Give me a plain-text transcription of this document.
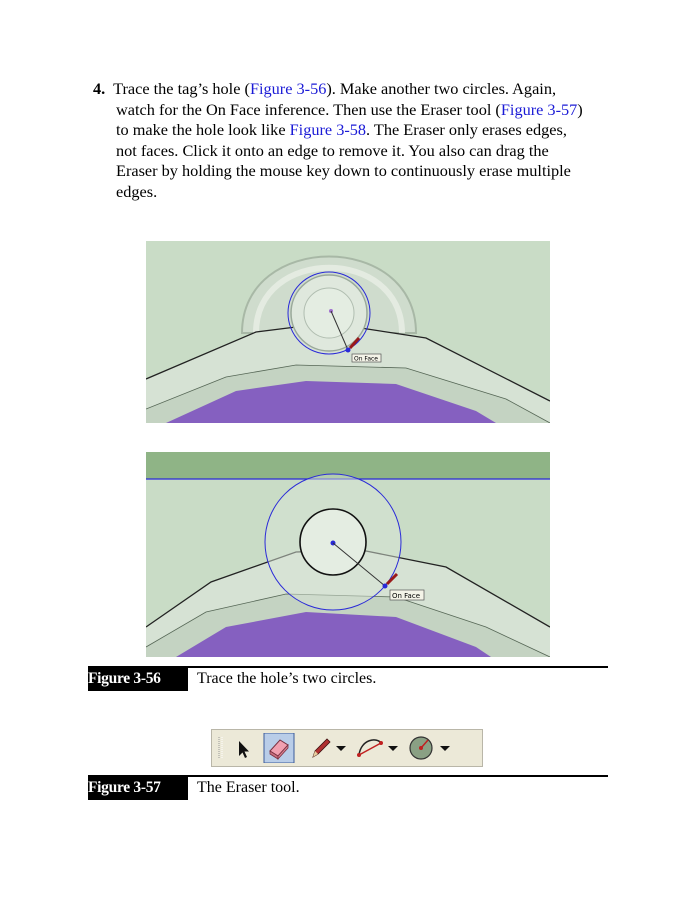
4. Trace the tag’s hole (Figure 3-56). Make another two circles. Again,
watch for the On Face inference. Then use the Eraser tool (Figure 3-57)
to make the hole look like Figure 3-58. The Eraser only erases edges,
not faces. Click it onto an edge to remove it. You also can drag the
Eraser by holding the mouse key down to continuously erase multiple
edges.
On Face
On Face
Figure 3-56	Trace the hole’s two circles.
Figure 3-57	The Eraser tool.
